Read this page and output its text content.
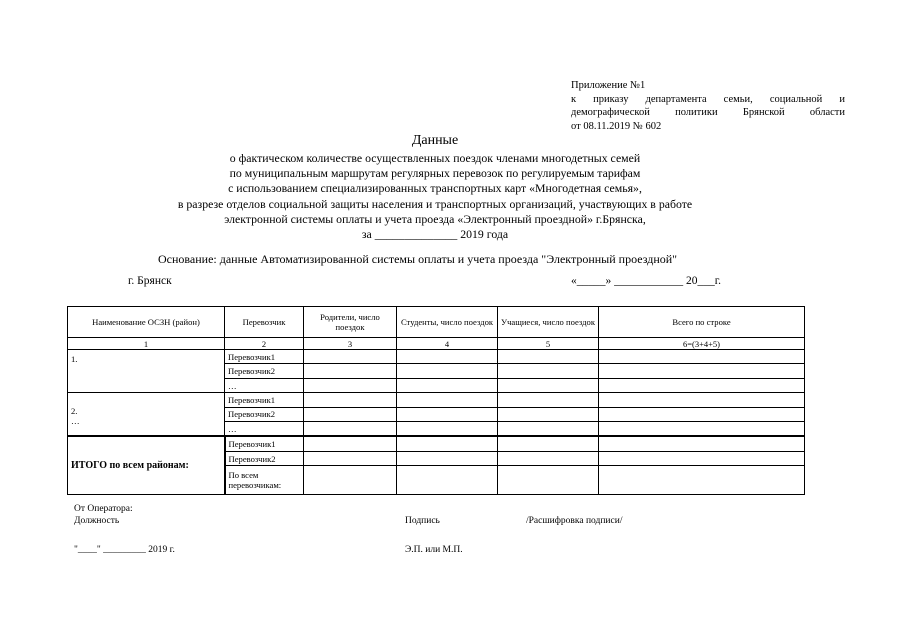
Приложение №1
к приказу департамента семьи, социальной и
демографической политики Брянской области
от 08.11.2019 № 602
Данные
о фактическом количестве осуществленных поездок членами многодетных семей
по муниципальным маршрутам регулярных перевозок по регулируемым тарифам
с использованием специализированных транспортных карт «Многодетная семья»,
в разрезе отделов социальной защиты населения и транспортных организаций, участвующих в работе
электронной системы оплаты и учета проезда «Электронный проездной» г.Брянска,
за ______________ 2019 года
Основание: данные Автоматизированной системы оплаты и учета проезда "Электронный проездной"
г. Брянск	«_____» ____________ 20___г.
Наименование ОСЗН (район)	Перевозчик	Родители, число поездок	Студенты, число поездок	Учащиеся, число поездок	Всего по строке
1	2	3	4	5	6=(3+4+5)
1.	Перевозчик1				
	Перевозчик2				
	…				

2.
…	Перевозчик1				
	Перевозчик2				
	…				
ИТОГО по всем районам:	Перевозчик1				
	Перевозчик2				
	По всем перевозчикам:				
От Оператора:
Должность	Подпись	/Расшифровка подписи/
"____" _________ 2019 г.	Э.П. или М.П.
